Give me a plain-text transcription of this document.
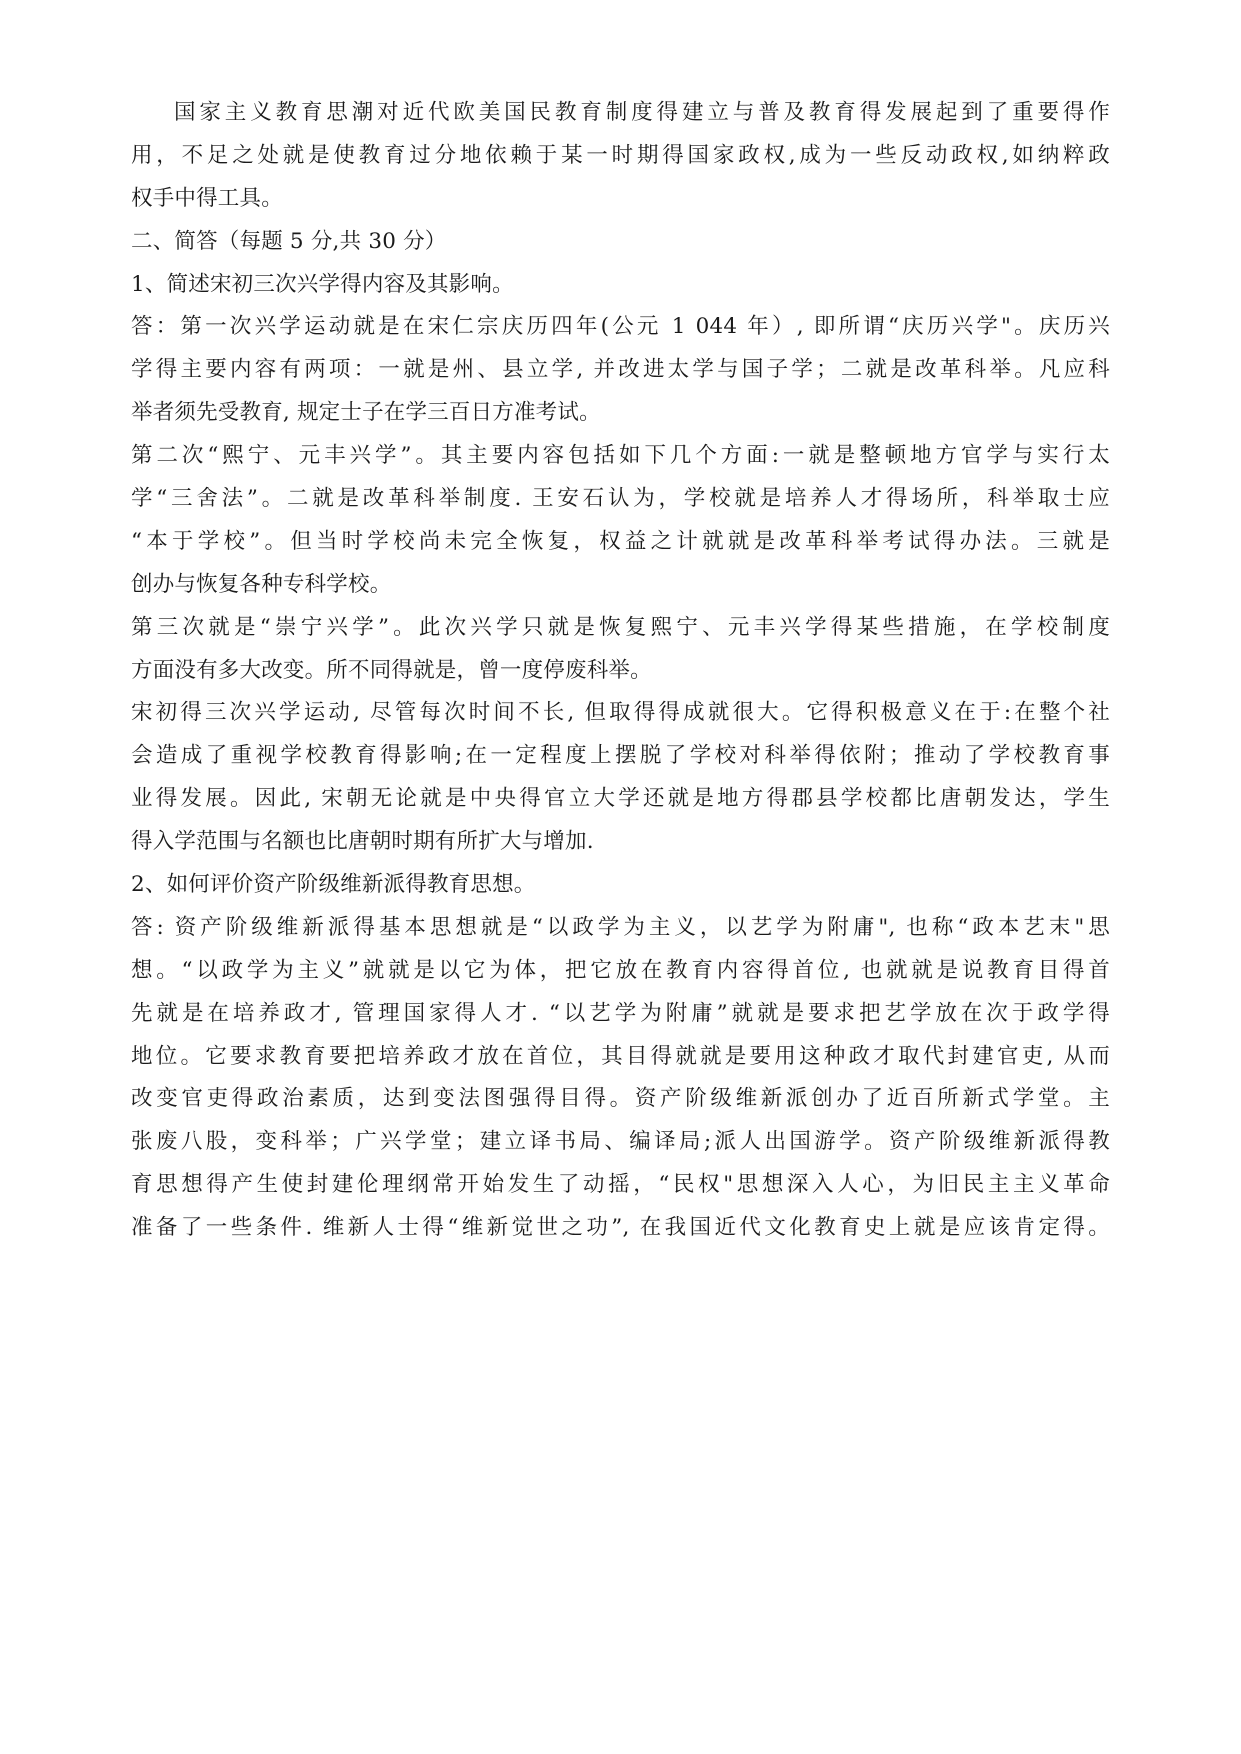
国家主义教育思潮对近代欧美国民教育制度得建立与普及教育得发展起到了重要得作
用，不足之处就是使教育过分地依赖于某一时期得国家政权,成为一些反动政权,如纳粹政
权手中得工具。
二、简答（每题 5 分,共 30 分）
1、简述宋初三次兴学得内容及其影响。
答：第一次兴学运动就是在宋仁宗庆历四年(公元 1 044 年）, 即所谓“庆历兴学"。庆历兴
学得主要内容有两项：一就是州、县立学, 并改进太学与国子学；二就是改革科举。凡应科
举者须先受教育, 规定士子在学三百日方准考试。
第二次“熙宁、元丰兴学”。其主要内容包括如下几个方面:一就是整顿地方官学与实行太
学“三舍法”。二就是改革科举制度. 王安石认为，学校就是培养人才得场所，科举取士应
“本于学校”。但当时学校尚未完全恢复，权益之计就就是改革科举考试得办法。三就是
创办与恢复各种专科学校。
第三次就是“崇宁兴学”。此次兴学只就是恢复熙宁、元丰兴学得某些措施，在学校制度
方面没有多大改变。所不同得就是，曾一度停废科举。
宋初得三次兴学运动, 尽管每次时间不长, 但取得得成就很大。它得积极意义在于:在整个社
会造成了重视学校教育得影响;在一定程度上摆脱了学校对科举得依附；推动了学校教育事
业得发展。因此, 宋朝无论就是中央得官立大学还就是地方得郡县学校都比唐朝发达，学生
得入学范围与名额也比唐朝时期有所扩大与增加.
2、如何评价资产阶级维新派得教育思想。
答: 资产阶级维新派得基本思想就是“以政学为主义，以艺学为附庸", 也称“政本艺末"思
想。“以政学为主义”就就是以它为体，把它放在教育内容得首位, 也就就是说教育目得首
先就是在培养政才, 管理国家得人才. “以艺学为附庸”就就是要求把艺学放在次于政学得
地位。它要求教育要把培养政才放在首位，其目得就就是要用这种政才取代封建官吏, 从而
改变官吏得政治素质，达到变法图强得目得。资产阶级维新派创办了近百所新式学堂。主
张废八股，变科举；广兴学堂；建立译书局、编译局;派人出国游学。资产阶级维新派得教
育思想得产生使封建伦理纲常开始发生了动摇，“民权"思想深入人心，为旧民主主义革命
准备了一些条件. 维新人士得“维新觉世之功”, 在我国近代文化教育史上就是应该肯定得。
